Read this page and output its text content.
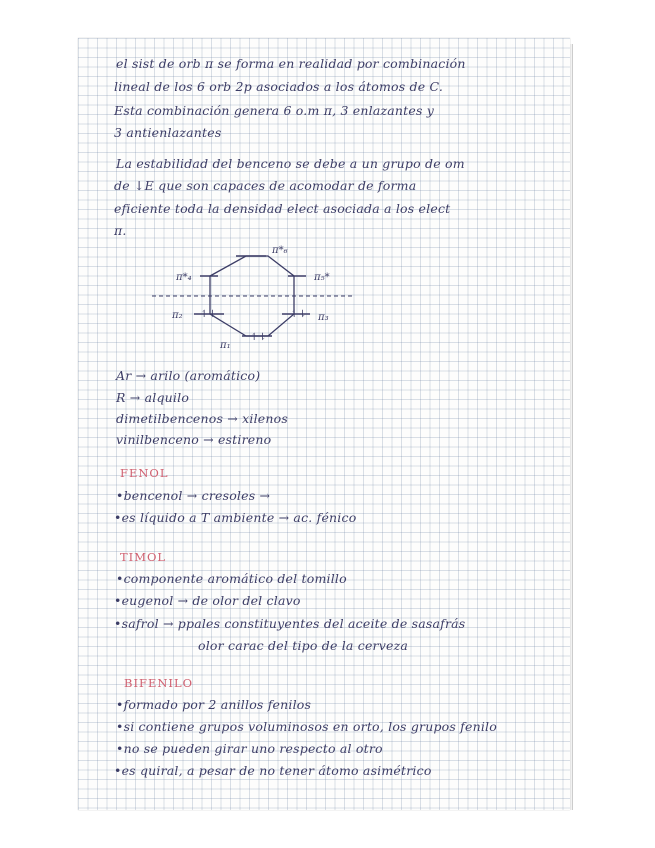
el sist de orb π se forma en realidad por combinación
lineal de los 6 orb 2p asociados a los átomos de C.
Esta combinación genera 6 o.m π, 3 enlazantes y
3 antienlazantes
La estabilidad del benceno se debe a un grupo de om
de ↓E que son capaces de acomodar de forma
eficiente toda la densidad elect asociada a los elect
π.
π*₆
π*₄	π₅*
π₂	π₃
π₁
↿⇂	↿⇂
↿⇂
Ar → arilo (aromático)
R → alquilo
dimetilbencenos → xilenos
vinilbenceno → estireno
FENOL
•bencenol → cresoles →
•es líquido a T ambiente → ac. fénico
TIMOL
•componente aromático del tomillo
•eugenol → de olor del clavo
•safrol → ppales constituyentes del aceite de sasafrás
olor carac del tipo de la cerveza
BIFENILO
•formado por 2 anillos fenilos
•si contiene grupos voluminosos en orto, los grupos fenilo
•no se pueden girar uno respecto al otro
•es quiral, a pesar de no tener átomo asimétrico
